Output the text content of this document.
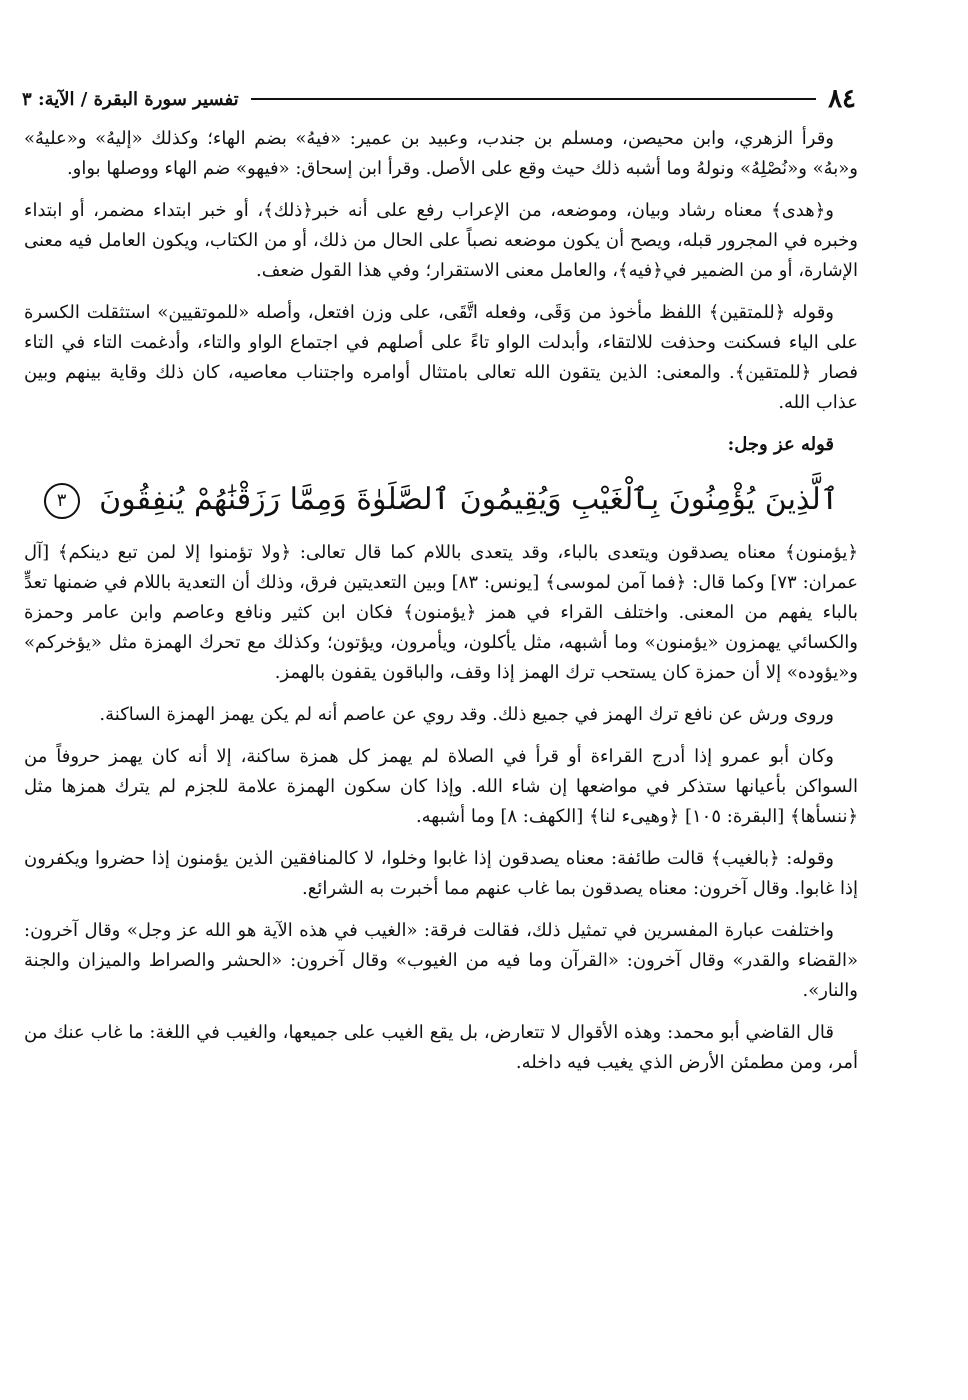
٨٤
تفسير سورة البقرة / الآية: ٣

وقرأ الزهري، وابن محيصن، ومسلم بن جندب، وعبيد بن عمير: «فيهُ» بضم الهاء؛ وكذلك «إليهُ» و«عليهُ» و«بهُ» و«نُصْلِهُ» ونولهُ وما أشبه ذلك حيث وقع على الأصل. وقرأ ابن إسحاق: «فيهو» ضم الهاء ووصلها بواو.

و﴿هدى﴾ معناه رشاد وبيان، وموضعه، من الإعراب رفع على أنه خبر﴿ذلك﴾، أو خبر ابتداء مضمر، أو ابتداء وخبره في المجرور قبله، ويصح أن يكون موضعه نصباً على الحال من ذلك، أو من الكتاب، ويكون العامل فيه معنى الإشارة، أو من الضمير في﴿فيه﴾، والعامل معنى الاستقرار؛ وفي هذا القول ضعف.

وقوله ﴿للمتقين﴾ اللفظ مأخوذ من وَقَى، وفعله اتَّقَى، على وزن افتعل، وأصله «للموتقيين» استثقلت الكسرة على الياء فسكنت وحذفت للالتقاء، وأبدلت الواو تاءً على أصلهم في اجتماع الواو والتاء، وأدغمت التاء في التاء فصار ﴿للمتقين﴾. والمعنى: الذين يتقون الله تعالى بامتثال أوامره واجتناب معاصيه، كان ذلك وقاية بينهم وبين عذاب الله.

قوله عز وجل:

ٱلَّذِينَ يُؤْمِنُونَ بِٱلْغَيْبِ وَيُقِيمُونَ ٱلصَّلَوٰةَ وَمِمَّا رَزَقْنَٰهُمْ يُنفِقُونَ ٣

﴿يؤمنون﴾ معناه يصدقون ويتعدى بالباء، وقد يتعدى باللام كما قال تعالى: ﴿ولا تؤمنوا إلا لمن تبع دينكم﴾ [آل عمران: ٧٣] وكما قال: ﴿فما آمن لموسى﴾ [يونس: ٨٣] وبين التعديتين فرق، وذلك أن التعدية باللام في ضمنها تعدٍّ بالباء يفهم من المعنى. واختلف القراء في همز ﴿يؤمنون﴾ فكان ابن كثير ونافع وعاصم وابن عامر وحمزة والكسائي يهمزون «يؤمنون» وما أشبهه، مثل يأكلون، ويأمرون، ويؤتون؛ وكذلك مع تحرك الهمزة مثل «يؤخركم» و«يؤوده» إلا أن حمزة كان يستحب ترك الهمز إذا وقف، والباقون يقفون بالهمز.

وروى ورش عن نافع ترك الهمز في جميع ذلك. وقد روي عن عاصم أنه لم يكن يهمز الهمزة الساكنة.

وكان أبو عمرو إذا أدرج القراءة أو قرأ في الصلاة لم يهمز كل همزة ساكنة، إلا أنه كان يهمز حروفاً من السواكن بأعيانها ستذكر في مواضعها إن شاء الله. وإذا كان سكون الهمزة علامة للجزم لم يترك همزها مثل ﴿ننسأها﴾ [البقرة: ١٠٥] ﴿وهيىء لنا﴾ [الكهف: ٨] وما أشبهه.

وقوله: ﴿بالغيب﴾ قالت طائفة: معناه يصدقون إذا غابوا وخلوا، لا كالمنافقين الذين يؤمنون إذا حضروا ويكفرون إذا غابوا. وقال آخرون: معناه يصدقون بما غاب عنهم مما أخبرت به الشرائع.

واختلفت عبارة المفسرين في تمثيل ذلك، فقالت فرقة: «الغيب في هذه الآية هو الله عز وجل» وقال آخرون: «القضاء والقدر» وقال آخرون: «القرآن وما فيه من الغيوب» وقال آخرون: «الحشر والصراط والميزان والجنة والنار».

قال القاضي أبو محمد: وهذه الأقوال لا تتعارض، بل يقع الغيب على جميعها، والغيب في اللغة: ما غاب عنك من أمر، ومن مطمئن الأرض الذي يغيب فيه داخله.
